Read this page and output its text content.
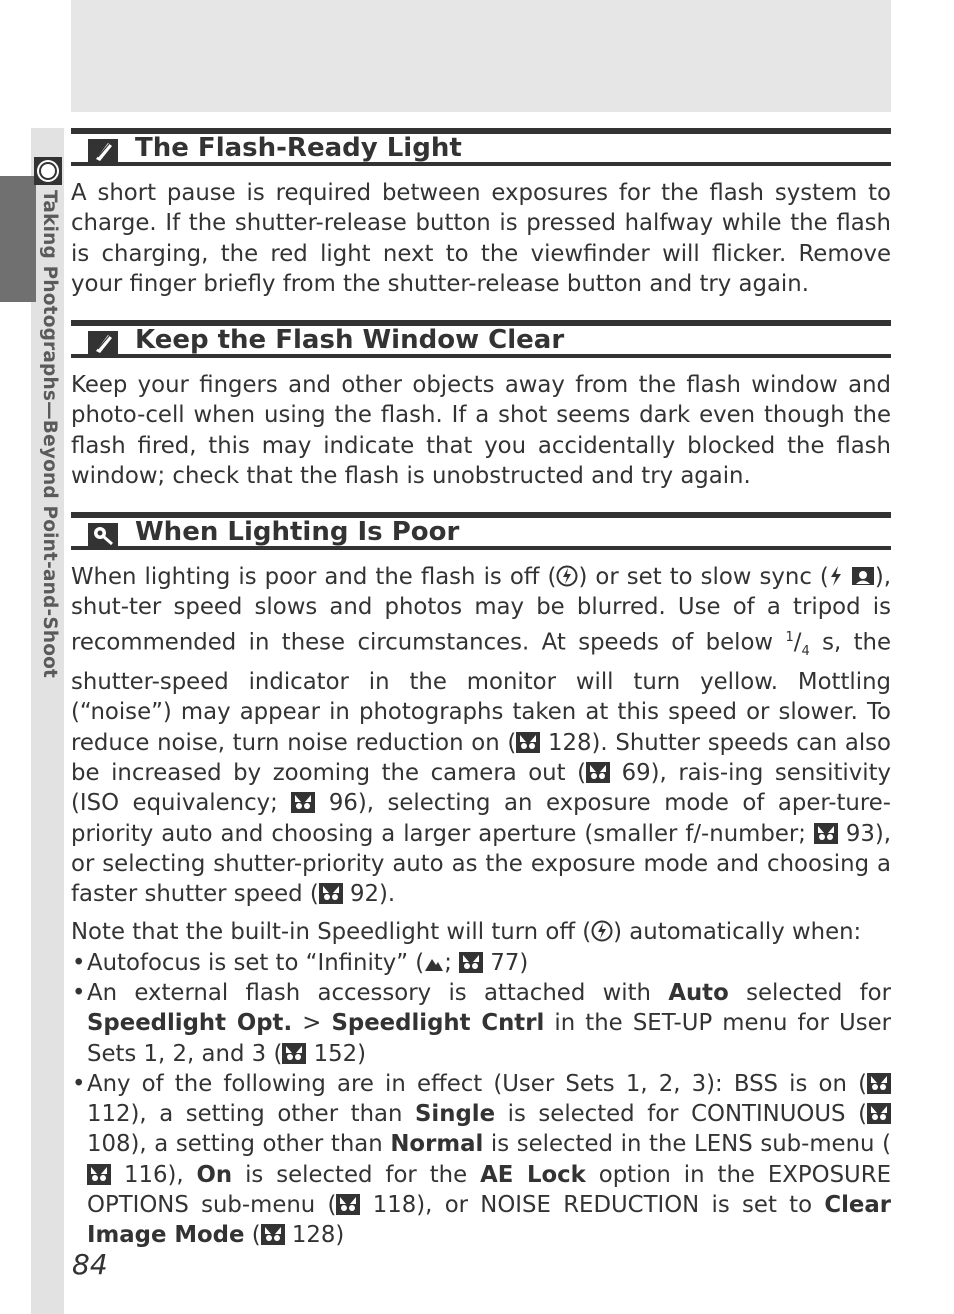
Taking Photographs—Beyond Point-and-Shoot
The Flash-Ready Light

A short pause is required between exposures for the flash system to charge. If the shutter-release button is pressed halfway while the flash is charging, the red light next to the viewfinder will flicker. Remove your finger briefly from the shutter-release button and try again.

Keep the Flash Window Clear

Keep your fingers and other objects away from the flash window and photo-cell when using the flash. If a shot seems dark even though the flash fired, this may indicate that you accidentally blocked the flash window; check that the flash is unobstructed and try again.

When Lighting Is Poor

When lighting is poor and the flash is off ( ) or set to slow sync ( ), shut-ter speed slows and photos may be blurred. Use of a tripod is recommended in these circumstances. At speeds of below $^1/_4$ s, the shutter-speed indicator in the monitor will turn yellow. Mottling (“noise”) may appear in photographs taken at this speed or slower. To reduce noise, turn noise reduction on ( 128). Shutter speeds can also be increased by zooming the camera out ( 69), rais-ing sensitivity (ISO equivalency;  96), selecting an exposure mode of aper-ture-priority auto and choosing a larger aperture (smaller f/-number;  93), or selecting shutter-priority auto as the exposure mode and choosing a faster shutter speed ( 92).

Note that the built-in Speedlight will turn off ( ) automatically when:

• Autofocus is set to “Infinity” ( ;  77)
• An external flash accessory is attached with Auto selected for Speedlight Opt. > Speedlight Cntrl in the SET-UP menu for User Sets 1, 2, and 3 ( 152)
• Any of the following are in effect (User Sets 1, 2, 3): BSS is on ( 112), a setting other than Single is selected for CONTINUOUS ( 108), a setting other than Normal is selected in the LENS sub-menu ( 116), On is selected for the AE Lock option in the EXPOSURE OPTIONS sub-menu ( 118), or NOISE REDUCTION is set to Clear Image Mode ( 128)
84
